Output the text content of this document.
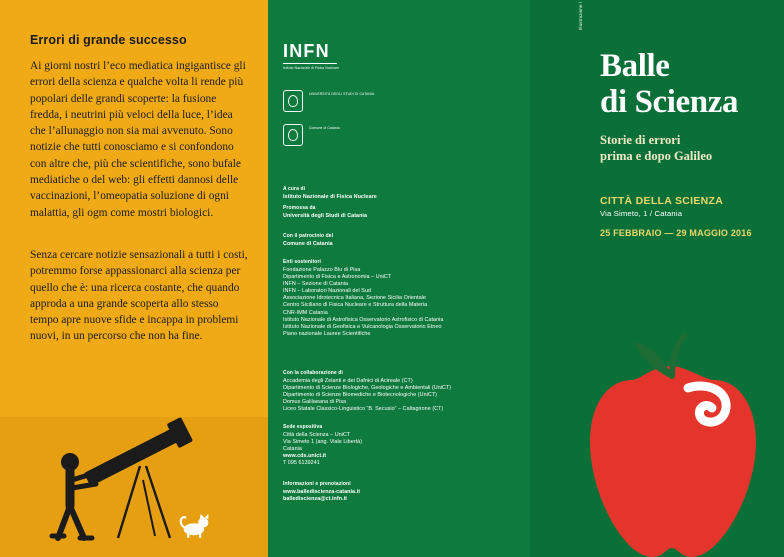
Errori di grande successo
Ai giorni nostri l’eco mediatica ingigantisce gli errori della scienza e qualche volta li rende più popolari delle grandi scoperte: la fusione fredda, i neutrini più veloci della luce, l’idea che l’allunaggio non sia mai avvenuto. Sono notizie che tutti conosciamo e si confondono con altre che, più che scientifiche, sono bufale mediatiche o del web: gli effetti dannosi delle vaccinazioni, l’omeopatia soluzione di ogni malattia, gli ogm come mostri biologici.
Senza cercare notizie sensazionali a tutti i costi, potremmo forse appassionarci alla scienza per quello che è: una ricerca costante, che quando approda a una grande scoperta allo stesso tempo apre nuove sfide e incappa in problemi nuovi, in un percorso che non ha fine.
INFN
Istituto Nazionale di Fisica Nucleare
UNIVERSITÀ DEGLI STUDI DI CATANIA
Comune di Catania
A cura di
Istituto Nazionale di Fisica Nucleare
Promossa da
Università degli Studi di Catania
Con il patrocinio del
Comune di Catania
Enti sostenitori
Fondazione Palazzo Blu di Pisa
Dipartimento di Fisica e Astronomia – UniCT
INFN – Sezione di Catania
INFN – Laboratori Nazionali del Sud
Associazione Idrotecnica Italiana, Sezione Sicilia Orientale
Centro Siciliano di Fisica Nucleare e Struttura della Materia
CNR-IMM Catania
Istituto Nazionale di Astrofisica Osservatorio Astrofisico di Catania
Istituto Nazionale di Geofisica e Vulcanologia Osservatorio Etneo
Piano nazionale Lauree Scientifiche
Con la collaborazione di
Accademia degli Zelanti e dei Dafnici di Acireale (CT)
Dipartimento di Scienze Biologiche, Geologiche e Ambientali (UniCT)
Dipartimento di Scienze Biomediche e Biotecnologiche (UniCT)
Domus Galilaeana di Pisa
Liceo Statale Classico-Linguistico “B. Secusio” – Caltagirone (CT)
Sede espositiva
Città della Scienza – UniCT
Via Simeto 1 (ang. Viale Libertà)
Catania
www.cds.unict.it
T 095 6139241
Informazioni e prenotazioni
www.ballediscienza-catania.it
ballediscienza@ct.infn.it
Balle
di Scienza
Storie di errori
prima e dopo Galileo
CITTÀ DELLA SCIENZA
Via Simeto, 1 / Catania
25 FEBBRAIO — 29 MAGGIO 2016
